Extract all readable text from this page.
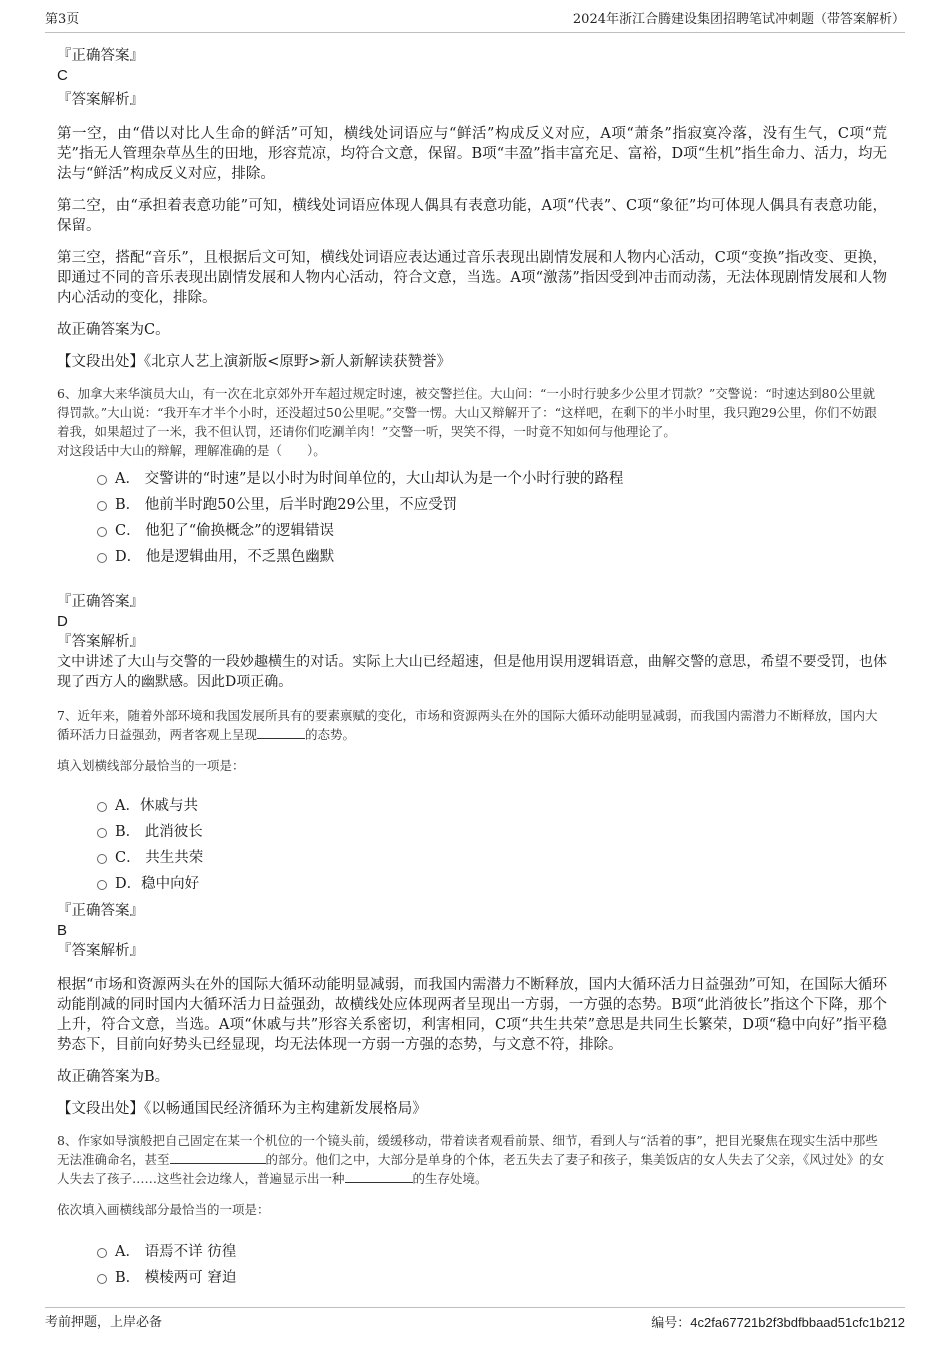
第3页	2024年浙江合腾建设集团招聘笔试冲刺题（带答案解析）

『正确答案』

C

『答案解析』

第一空，由“借以对比人生命的鲜活”可知，横线处词语应与“鲜活”构成反义对应，A项“萧条”指寂寞冷落，没有生气，C项“荒芜”指无人管理杂草丛生的田地，形容荒凉，均符合文意，保留。B项“丰盈”指丰富充足、富裕，D项“生机”指生命力、活力，均无法与“鲜活”构成反义对应，排除。

第二空，由“承担着表意功能”可知，横线处词语应体现人偶具有表意功能，A项“代表”、C项“象征”均可体现人偶具有表意功能，保留。

第三空，搭配“音乐”，且根据后文可知，横线处词语应表达通过音乐表现出剧情发展和人物内心活动，C项“变换”指改变、更换，即通过不同的音乐表现出剧情发展和人物内心活动，符合文意，当选。A项“激荡”指因受到冲击而动荡，无法体现剧情发展和人物内心活动的变化，排除。

故正确答案为C。

【文段出处】《北京人艺上演新版<原野>新人新解读获赞誉》

6、加拿大来华演员大山，有一次在北京郊外开车超过规定时速，被交警拦住。大山问：“一小时行驶多少公里才罚款？”交警说：“时速达到80公里就得罚款。”大山说：“我开车才半个小时，还没超过50公里呢。”交警一愣。大山又辩解开了：“这样吧，在剩下的半小时里，我只跑29公里，你们不妨跟着我，如果超过了一米，我不但认罚，还请你们吃涮羊肉！”交警一听，哭笑不得，一时竟不知如何与他理论了。

对这段话中大山的辩解，理解准确的是（　　）。

A． 交警讲的“时速”是以小时为时间单位的，大山却认为是一个小时行驶的路程
B． 他前半时跑50公里，后半时跑29公里，不应受罚
C． 他犯了“偷换概念”的逻辑错误
D． 他是逻辑曲用，不乏黑色幽默

『正确答案』

D

『答案解析』

文中讲述了大山与交警的一段妙趣横生的对话。实际上大山已经超速，但是他用误用逻辑语意，曲解交警的意思，希望不要受罚，也体现了西方人的幽默感。因此D项正确。

7、近年来，随着外部环境和我国发展所具有的要素禀赋的变化，市场和资源两头在外的国际大循环动能明显减弱，而我国内需潜力不断释放，国内大循环活力日益强劲，两者客观上呈现	的态势。

填入划横线部分最恰当的一项是：

A．休戚与共
B． 此消彼长
C． 共生共荣
D．稳中向好

『正确答案』

B

『答案解析』

根据“市场和资源两头在外的国际大循环动能明显减弱，而我国内需潜力不断释放，国内大循环活力日益强劲”可知，在国际大循环动能削减的同时国内大循环活力日益强劲，故横线处应体现两者呈现出一方弱，一方强的态势。B项“此消彼长”指这个下降，那个上升，符合文意，当选。A项“休戚与共”形容关系密切，利害相同，C项“共生共荣”意思是共同生长繁荣，D项“稳中向好”指平稳势态下，目前向好势头已经显现，均无法体现一方弱一方强的态势，与文意不符，排除。

故正确答案为B。

【文段出处】《以畅通国民经济循环为主构建新发展格局》

8、作家如导演般把自己固定在某一个机位的一个镜头前，缓缓移动，带着读者观看前景、细节，看到人与“活着的事”，把目光聚焦在现实生活中那些无法准确命名，甚至	的部分。他们之中，大部分是单身的个体，老五失去了妻子和孩子，集美饭店的女人失去了父亲，《风过处》的女人失去了孩子……这些社会边缘人，普遍显示出一种	的生存处境。

依次填入画横线部分最恰当的一项是：

A． 语焉不详 彷徨
B． 模棱两可 窘迫
考前押题，上岸必备	编号：4c2fa67721b2f3bdfbbaad51cfc1b212
